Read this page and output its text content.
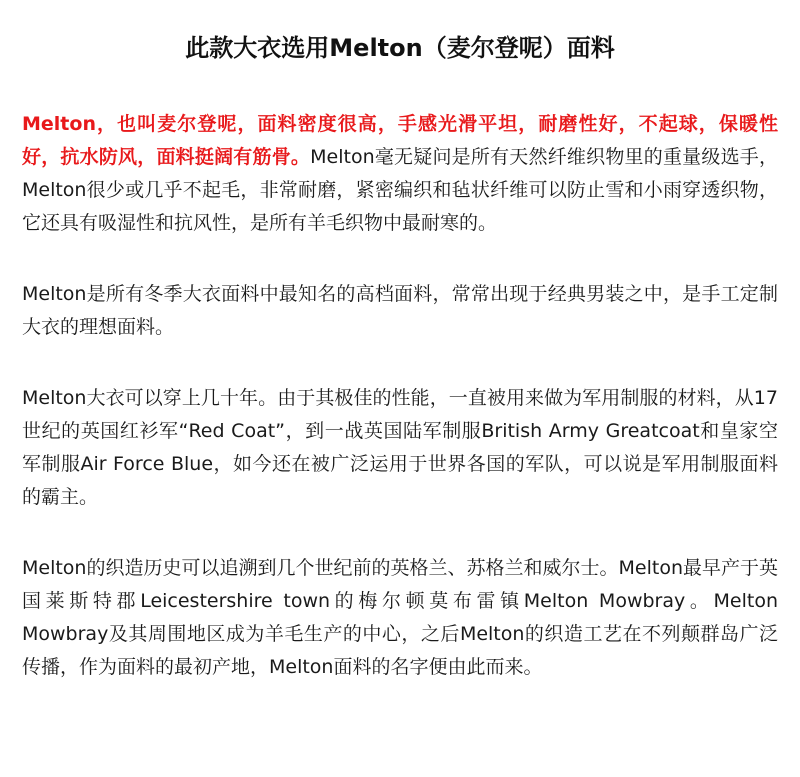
此款大衣选用Melton（麦尔登呢）面料

Melton，也叫麦尔登呢，面料密度很高，手感光滑平坦，耐磨性好，不起球，保暖性好，抗水防风，面料挺阔有筋骨。Melton毫无疑问是所有天然纤维织物里的重量级选手，Melton很少或几乎不起毛，非常耐磨，紧密编织和毡状纤维可以防止雪和小雨穿透织物，它还具有吸湿性和抗风性，是所有羊毛织物中最耐寒的。

Melton是所有冬季大衣面料中最知名的高档面料，常常出现于经典男装之中，是手工定制大衣的理想面料。

Melton大衣可以穿上几十年。由于其极佳的性能，一直被用来做为军用制服的材料，从17世纪的英国红衫军“Red Coat”，到一战英国陆军制服British Army Greatcoat和皇家空军制服Air Force Blue，如今还在被广泛运用于世界各国的军队，可以说是军用制服面料的霸主。

Melton的织造历史可以追溯到几个世纪前的英格兰、苏格兰和威尔士。Melton最早产于英国莱斯特郡Leicestershire town的梅尔顿莫布雷镇Melton Mowbray。Melton Mowbray及其周围地区成为羊毛生产的中心，之后Melton的织造工艺在不列颠群岛广泛传播，作为面料的最初产地，Melton面料的名字便由此而来。
